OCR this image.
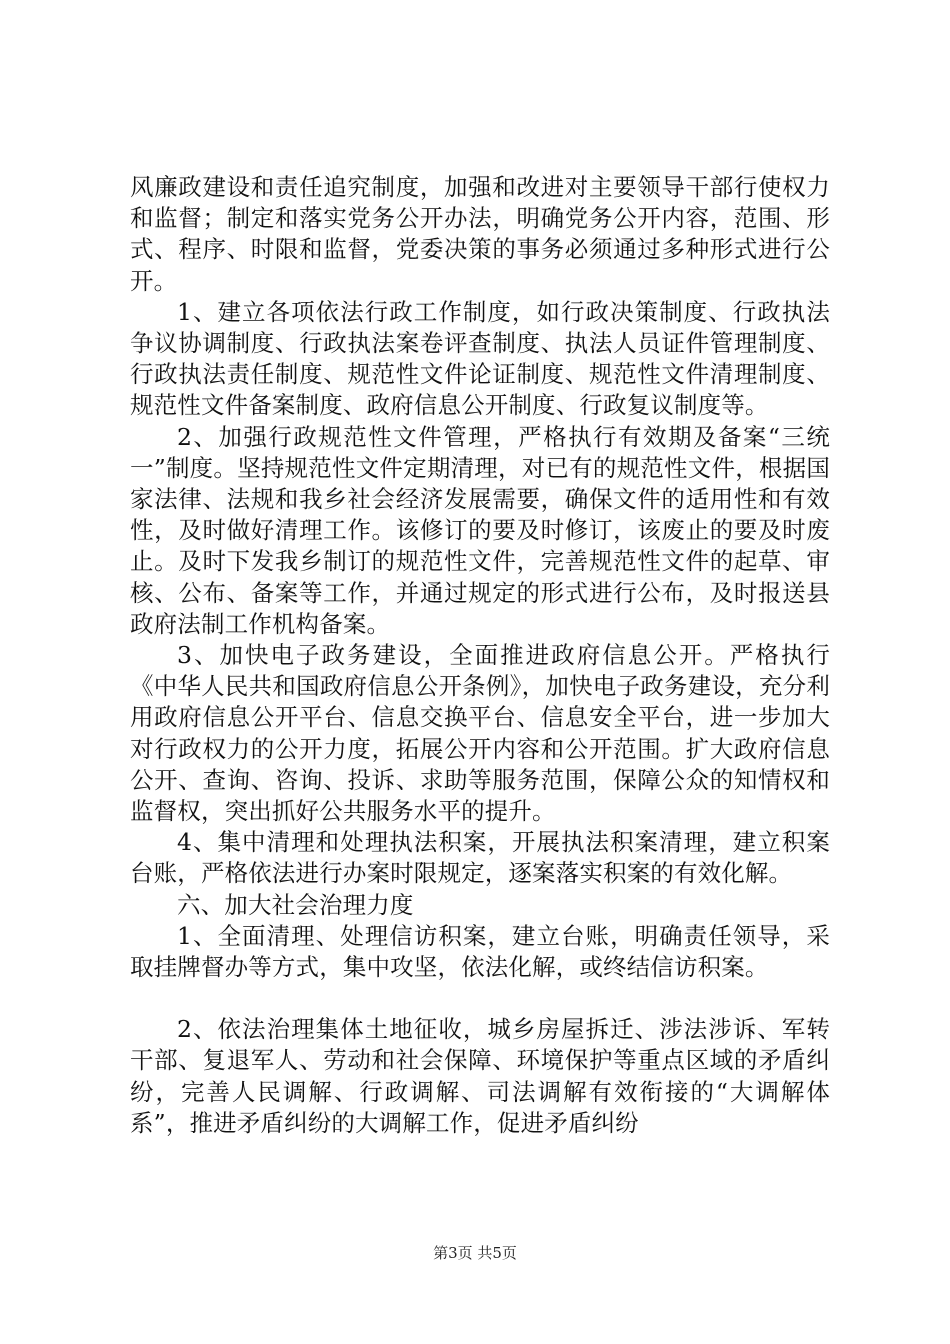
风廉政建设和责任追究制度，加强和改进对主要领导干部行使权力和监督；制定和落实党务公开办法，明确党务公开内容，范围、形式、程序、时限和监督，党委决策的事务必须通过多种形式进行公开。

1、建立各项依法行政工作制度，如行政决策制度、行政执法争议协调制度、行政执法案卷评查制度、执法人员证件管理制度、行政执法责任制度、规范性文件论证制度、规范性文件清理制度、规范性文件备案制度、政府信息公开制度、行政复议制度等。

2、加强行政规范性文件管理，严格执行有效期及备案“三统一”制度。坚持规范性文件定期清理，对已有的规范性文件，根据国家法律、法规和我乡社会经济发展需要，确保文件的适用性和有效性，及时做好清理工作。该修订的要及时修订，该废止的要及时废止。及时下发我乡制订的规范性文件，完善规范性文件的起草、审核、公布、备案等工作，并通过规定的形式进行公布，及时报送县政府法制工作机构备案。

3、加快电子政务建设，全面推进政府信息公开。严格执行《中华人民共和国政府信息公开条例》，加快电子政务建设，充分利用政府信息公开平台、信息交换平台、信息安全平台，进一步加大对行政权力的公开力度，拓展公开内容和公开范围。扩大政府信息公开、查询、咨询、投诉、求助等服务范围，保障公众的知情权和监督权，突出抓好公共服务水平的提升。

4、集中清理和处理执法积案，开展执法积案清理，建立积案台账，严格依法进行办案时限规定，逐案落实积案的有效化解。

六、加大社会治理力度

1、全面清理、处理信访积案，建立台账，明确责任领导，采取挂牌督办等方式，集中攻坚，依法化解，或终结信访积案。

2、依法治理集体土地征收，城乡房屋拆迁、涉法涉诉、军转干部、复退军人、劳动和社会保障、环境保护等重点区域的矛盾纠纷，完善人民调解、行政调解、司法调解有效衔接的“大调解体系”，推进矛盾纠纷的大调解工作，促进矛盾纠纷

第3页 共5页
